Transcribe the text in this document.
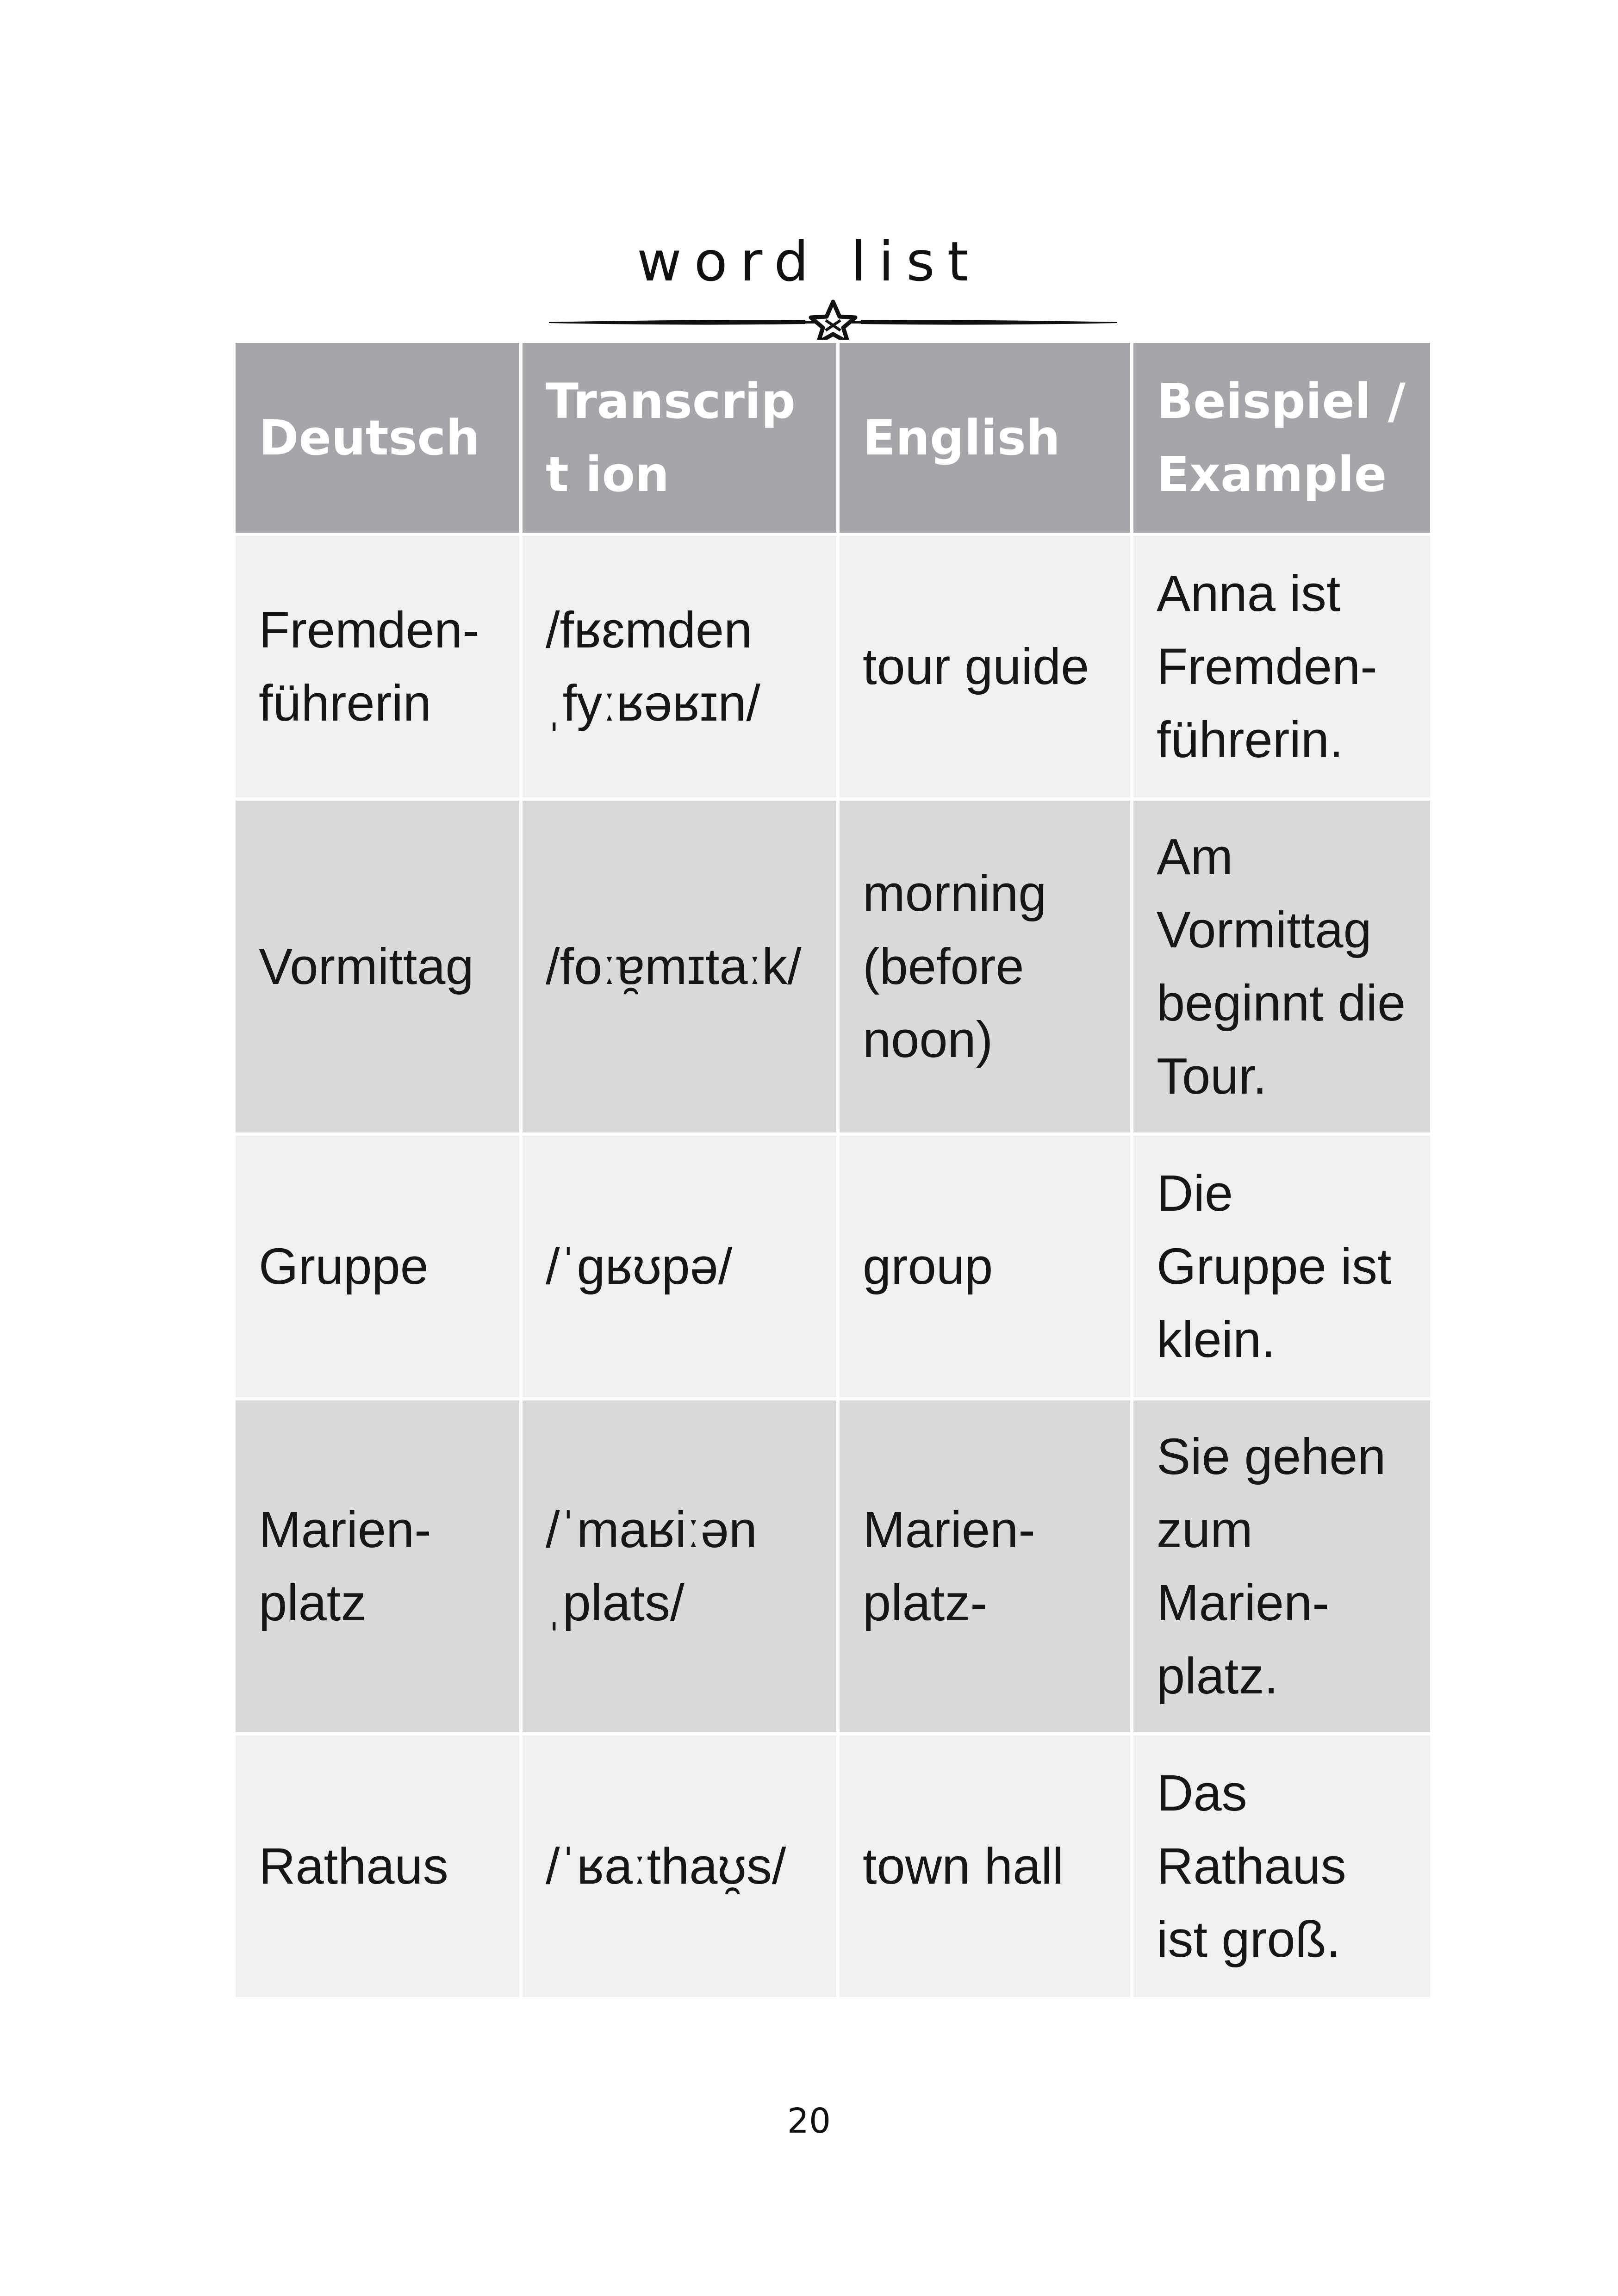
word list
Deutsch	Transcript ion	English	Beispiel / Example
Fremden-führerin	/fʁɛmden ˌfyːʁəʁɪn/	tour guide	Anna ist Fremden-führerin.
Vormittag	/foːɐ̯mɪtaːk/	morning (before noon)	Am Vormittag beginnt die Tour.
Gruppe	/ˈɡʁʊpə/	group	Die Gruppe ist klein.
Marien-platz	/ˈmaʁiːən ˌplats/	Marien-platz-	Sie gehen zum Marien-platz.
Rathaus	/ˈʁaːthaʊ̯s/	town hall	Das Rathaus ist groß.
20
